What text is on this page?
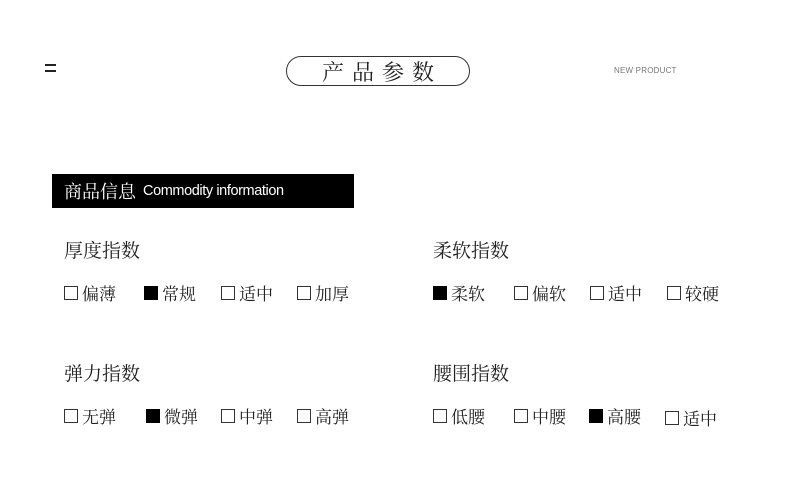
产品参数	NEW PRODUCT
商品信息 Commodity information
厚度指数
偏薄	常规	适中 加厚
柔软指数
柔软	偏软 适中	较硬
弹力指数
无弹	微弹 中弹 高弹
腰围指数
低腰	中腰 高腰 适中
